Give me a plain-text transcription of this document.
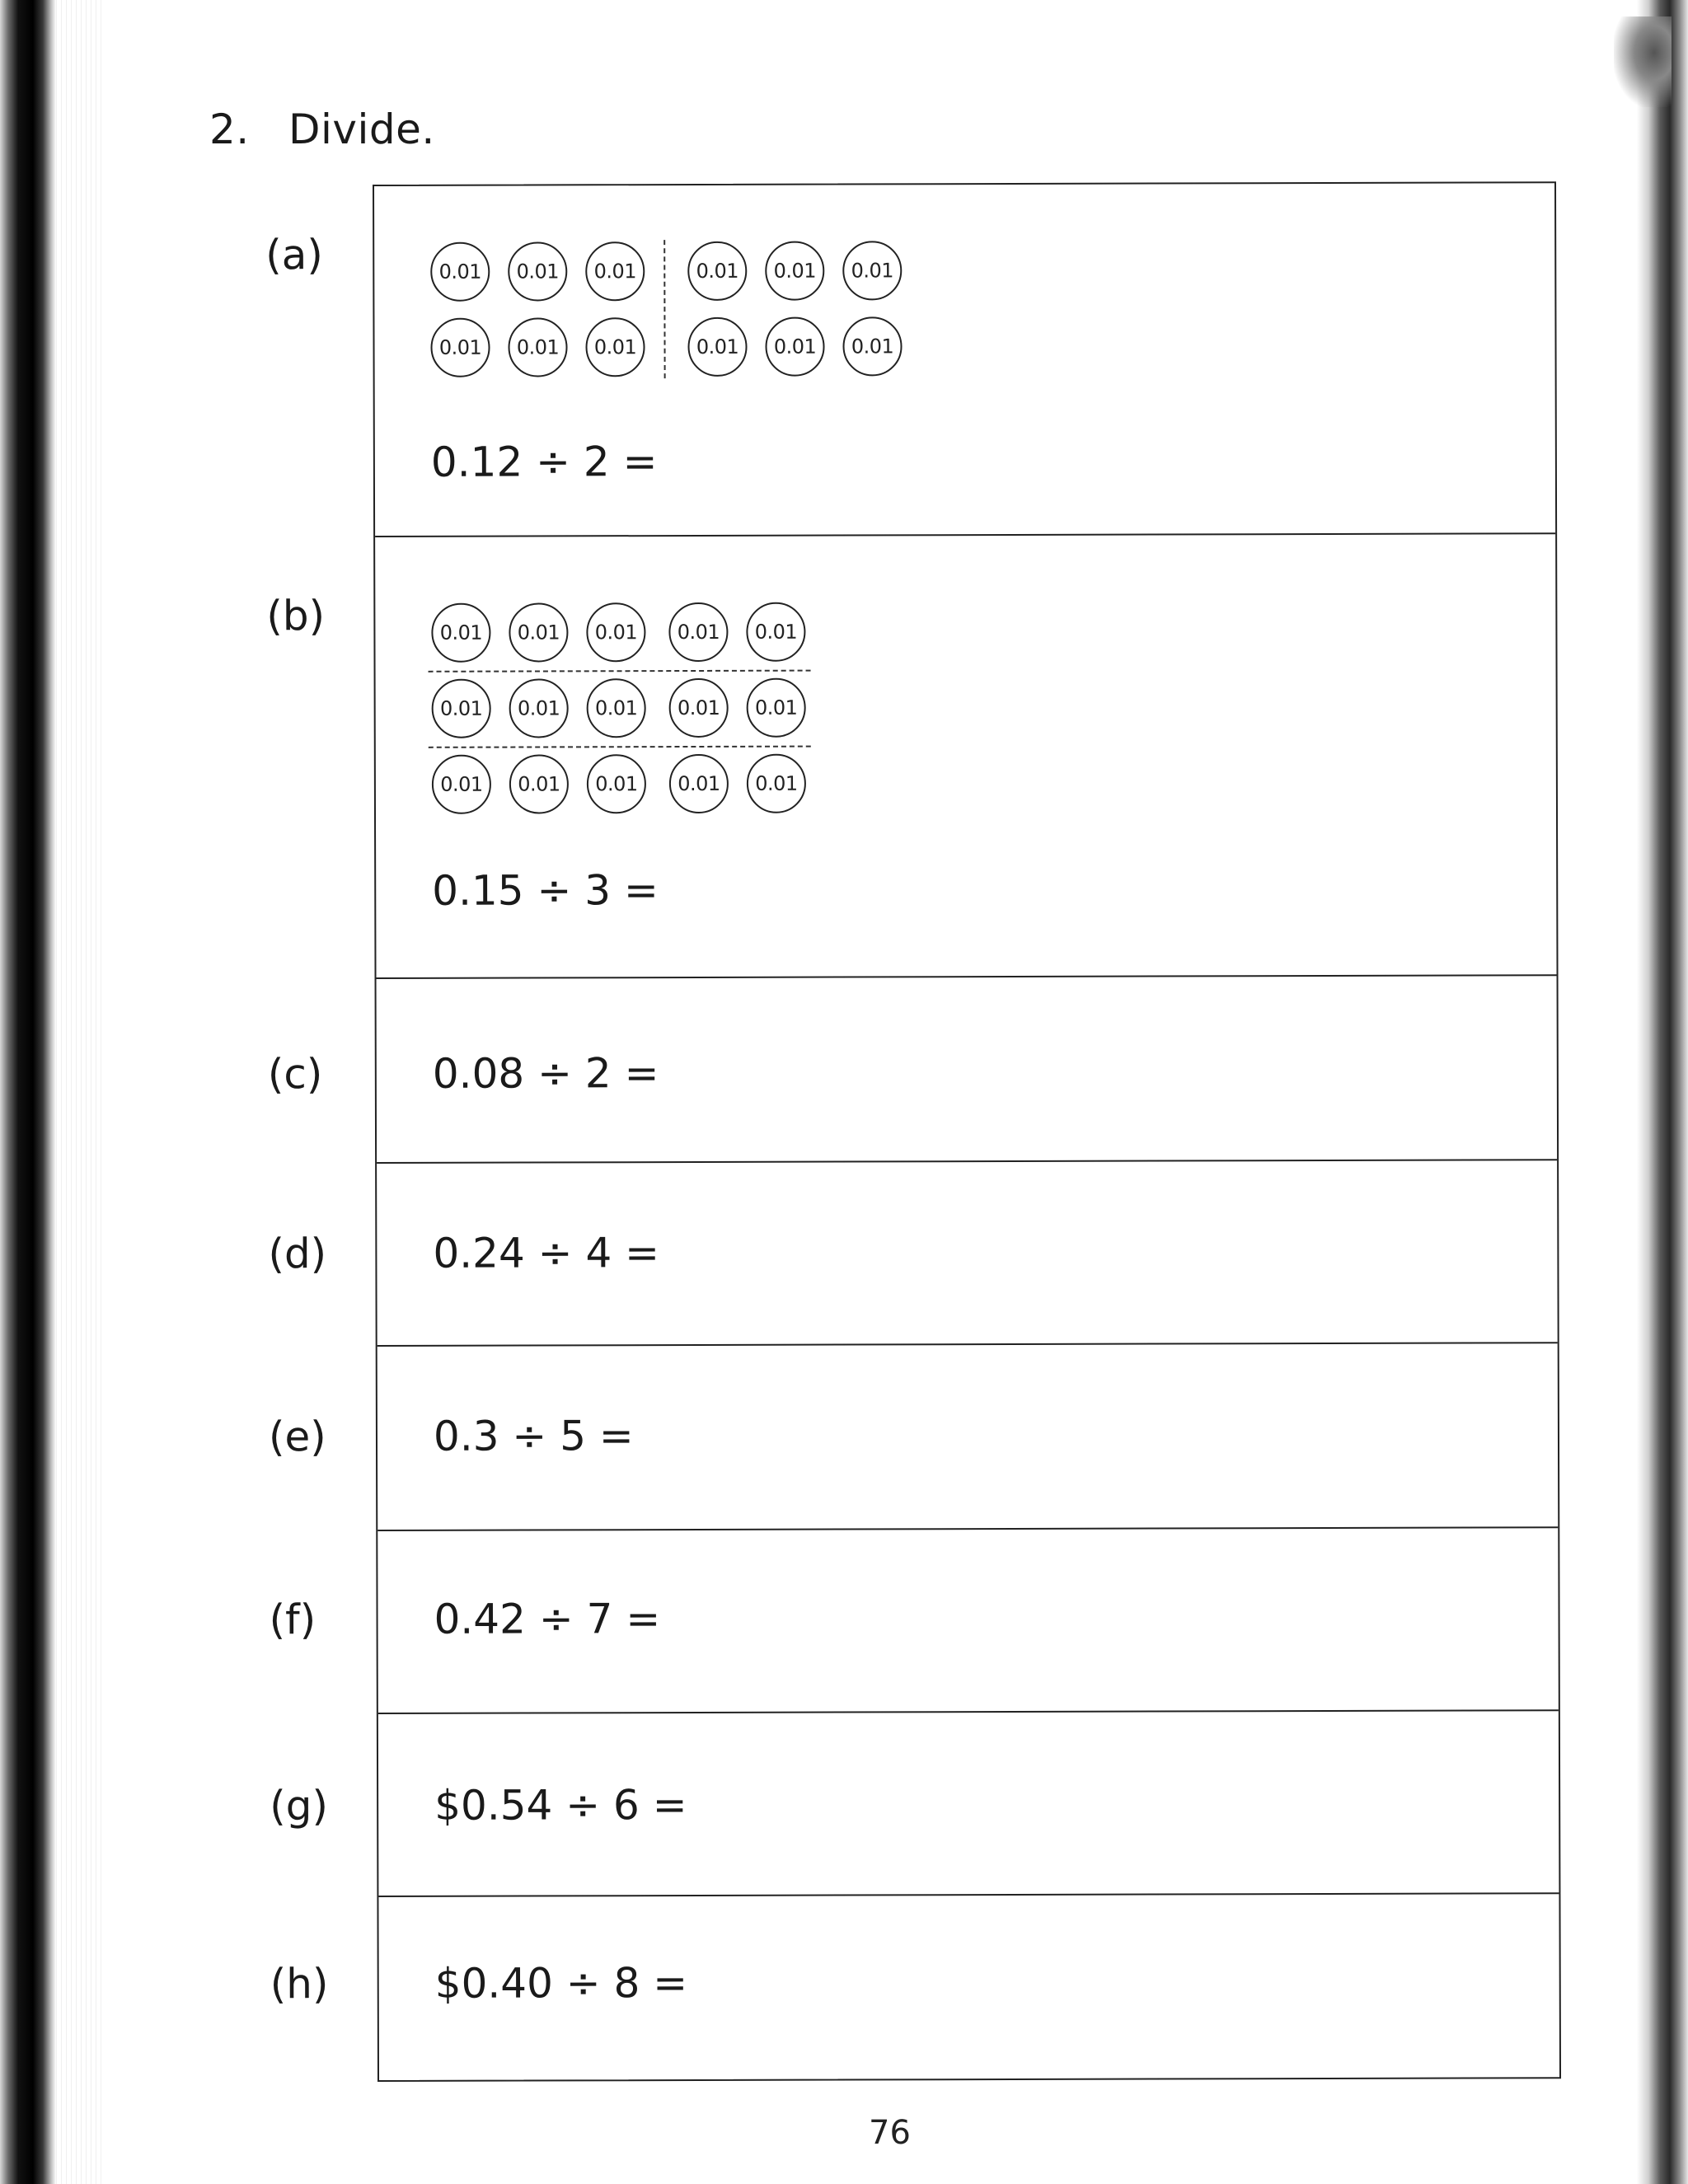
2. Divide.
(a)	0.01	0.01	0.01	0.01	0.01	0.01
0.01	0.01	0.01	0.01	0.01	0.01
0.12 ÷ 2 =
(b)	0.01	0.01	0.01	0.01	0.01
0.01	0.01	0.01	0.01	0.01
0.01	0.01	0.01	0.01	0.01
0.15 ÷ 3 =
(c)	0.08 ÷ 2 =
(d)	0.24 ÷ 4 =
(e)	0.3 ÷ 5 =
(f)	0.42 ÷ 7 =
(g)	$0.54 ÷ 6 =
(h)	$0.40 ÷ 8 =
76
